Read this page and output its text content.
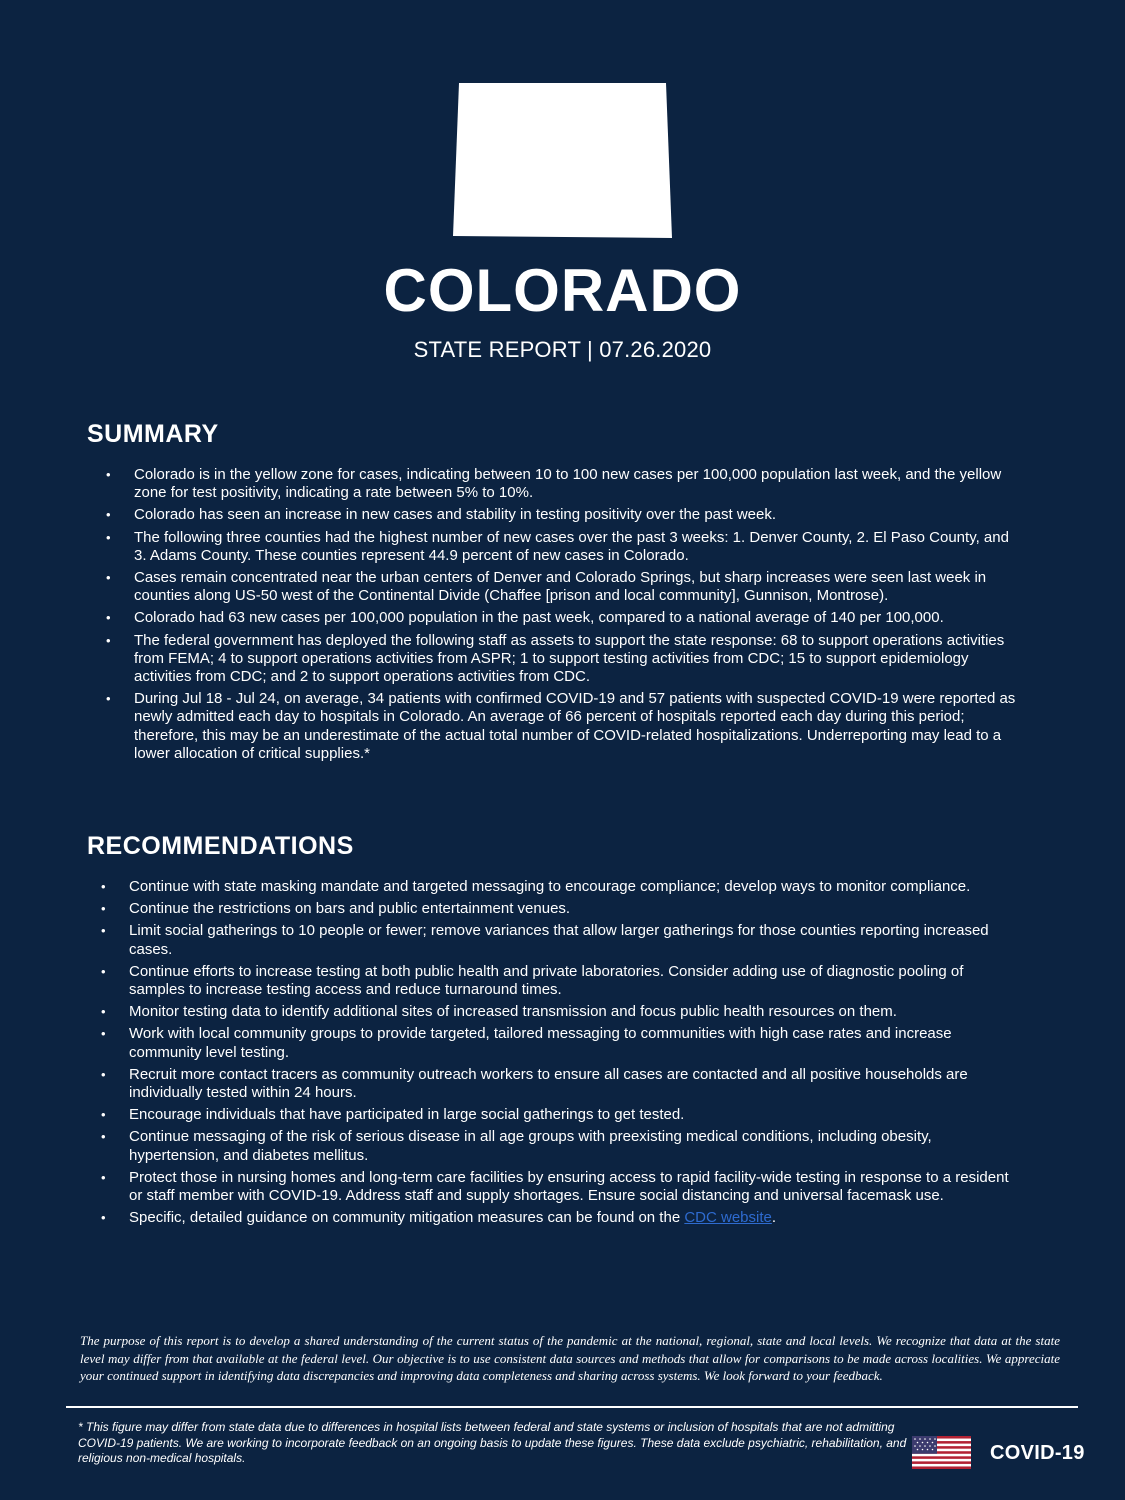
COLORADO
STATE REPORT | 07.26.2020
SUMMARY
• Colorado is in the yellow zone for cases, indicating between 10 to 100 new cases per 100,000 population last week, and the yellow zone for test positivity, indicating a rate between 5% to 10%.
• Colorado has seen an increase in new cases and stability in testing positivity over the past week.
• The following three counties had the highest number of new cases over the past 3 weeks: 1. Denver County, 2. El Paso County, and 3. Adams County. These counties represent 44.9 percent of new cases in Colorado.
• Cases remain concentrated near the urban centers of Denver and Colorado Springs, but sharp increases were seen last week in counties along US-50 west of the Continental Divide (Chaffee [prison and local community], Gunnison, Montrose).
• Colorado had 63 new cases per 100,000 population in the past week, compared to a national average of 140 per 100,000.
• The federal government has deployed the following staff as assets to support the state response: 68 to support operations activities from FEMA; 4 to support operations activities from ASPR; 1 to support testing activities from CDC; 15 to support epidemiology activities from CDC; and 2 to support operations activities from CDC.
• During Jul 18 - Jul 24, on average, 34 patients with confirmed COVID-19 and 57 patients with suspected COVID-19 were reported as newly admitted each day to hospitals in Colorado. An average of 66 percent of hospitals reported each day during this period; therefore, this may be an underestimate of the actual total number of COVID-related hospitalizations. Underreporting may lead to a lower allocation of critical supplies.*
RECOMMENDATIONS
• Continue with state masking mandate and targeted messaging to encourage compliance; develop ways to monitor compliance.
• Continue the restrictions on bars and public entertainment venues.
• Limit social gatherings to 10 people or fewer; remove variances that allow larger gatherings for those counties reporting increased cases.
• Continue efforts to increase testing at both public health and private laboratories. Consider adding use of diagnostic pooling of samples to increase testing access and reduce turnaround times.
• Monitor testing data to identify additional sites of increased transmission and focus public health resources on them.
• Work with local community groups to provide targeted, tailored messaging to communities with high case rates and increase community level testing.
• Recruit more contact tracers as community outreach workers to ensure all cases are contacted and all positive households are individually tested within 24 hours.
• Encourage individuals that have participated in large social gatherings to get tested.
• Continue messaging of the risk of serious disease in all age groups with preexisting medical conditions, including obesity, hypertension, and diabetes mellitus.
• Protect those in nursing homes and long-term care facilities by ensuring access to rapid facility-wide testing in response to a resident or staff member with COVID-19. Address staff and supply shortages. Ensure social distancing and universal facemask use.
• Specific, detailed guidance on community mitigation measures can be found on the CDC website.
The purpose of this report is to develop a shared understanding of the current status of the pandemic at the national, regional, state and local levels. We recognize that data at the state level may differ from that available at the federal level. Our objective is to use consistent data sources and methods that allow for comparisons to be made across localities. We appreciate your continued support in identifying data discrepancies and improving data completeness and sharing across systems. We look forward to your feedback.
* This figure may differ from state data due to differences in hospital lists between federal and state systems or inclusion of hospitals that are not admitting COVID-19 patients. We are working to incorporate feedback on an ongoing basis to update these figures. These data exclude psychiatric, rehabilitation, and religious non-medical hospitals.	COVID-19
